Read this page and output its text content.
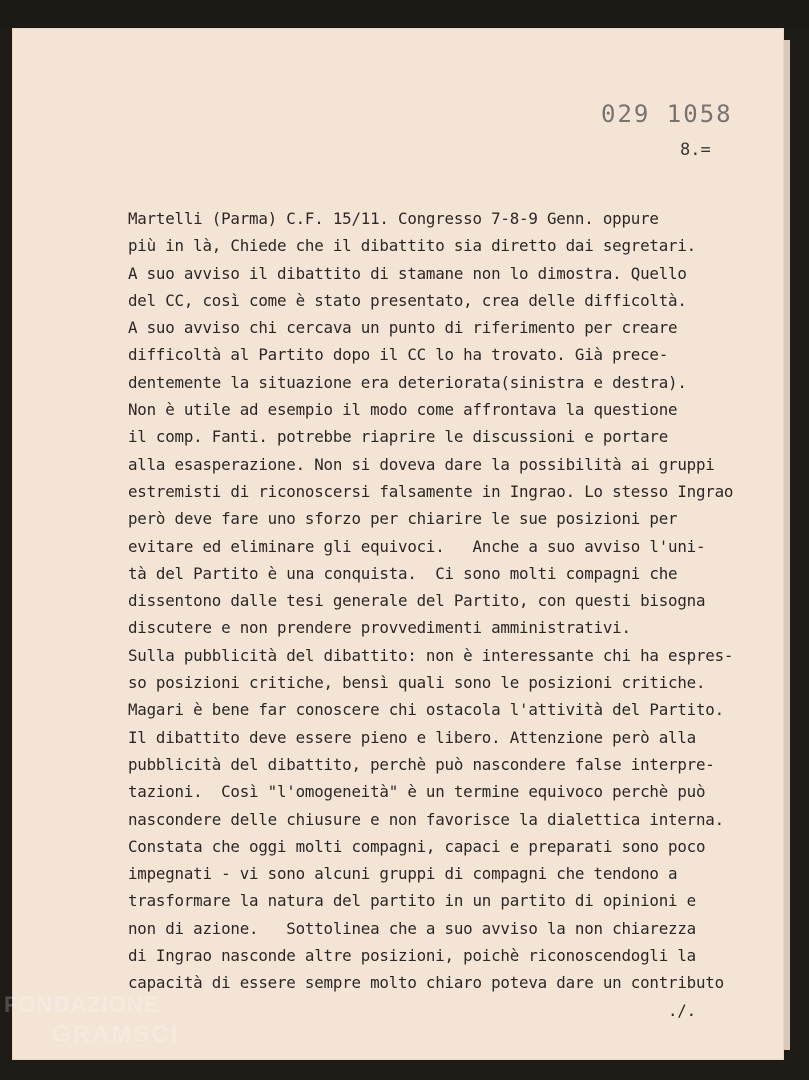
029 1058
8.=
Martelli (Parma) C.F. 15/11. Congresso 7-8-9 Genn. oppure
più in là, Chiede che il dibattito sia diretto dai segretari.
A suo avviso il dibattito di stamane non lo dimostra. Quello
del CC, così come è stato presentato, crea delle difficoltà.
A suo avviso chi cercava un punto di riferimento per creare
difficoltà al Partito dopo il CC lo ha trovato. Già prece-
dentemente la situazione era deteriorata(sinistra e destra).
Non è utile ad esempio il modo come affrontava la questione
il comp. Fanti. potrebbe riaprire le discussioni e portare
alla esasperazione. Non si doveva dare la possibilità ai gruppi
estremisti di riconoscersi falsamente in Ingrao. Lo stesso Ingrao
però deve fare uno sforzo per chiarire le sue posizioni per
evitare ed eliminare gli equivoci.   Anche a suo avviso l'uni-
tà del Partito è una conquista.  Ci sono molti compagni che
dissentono dalle tesi generale del Partito, con questi bisogna
discutere e non prendere provvedimenti amministrativi.
Sulla pubblicità del dibattito: non è interessante chi ha espres-
so posizioni critiche, bensì quali sono le posizioni critiche.
Magari è bene far conoscere chi ostacola l'attività del Partito.
Il dibattito deve essere pieno e libero. Attenzione però alla
pubblicità del dibattito, perchè può nascondere false interpre-
tazioni.  Così "l'omogeneità" è un termine equivoco perchè può
nascondere delle chiusure e non favorisce la dialettica interna.
Constata che oggi molti compagni, capaci e preparati sono poco
impegnati - vi sono alcuni gruppi di compagni che tendono a
trasformare la natura del partito in un partito di opinioni e
non di azione.   Sottolinea che a suo avviso la non chiarezza
di Ingrao nasconde altre posizioni, poichè riconoscendogli la
capacità di essere sempre molto chiaro poteva dare un contributo
./.
FONDAZIONE
GRAMSCI
